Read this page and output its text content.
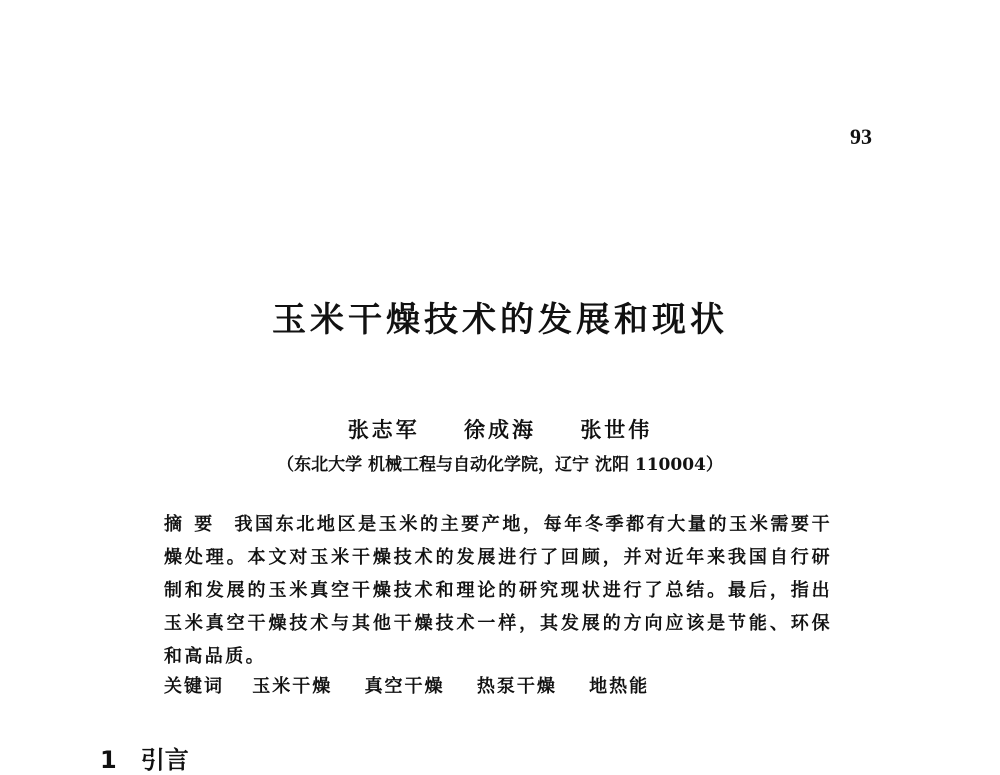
93
玉米干燥技术的发展和现状
张志军 徐成海 张世伟
（东北大学 机械工程与自动化学院，辽宁 沈阳 110004）
摘要 我国东北地区是玉米的主要产地，每年冬季都有大量的玉米需要干燥处理。本文对玉米干燥技术的发展进行了回顾，并对近年来我国自行研制和发展的玉米真空干燥技术和理论的研究现状进行了总结。最后，指出玉米真空干燥技术与其他干燥技术一样，其发展的方向应该是节能、环保和高品质。
关键词 玉米干燥 真空干燥 热泵干燥 地热能
1 引言
